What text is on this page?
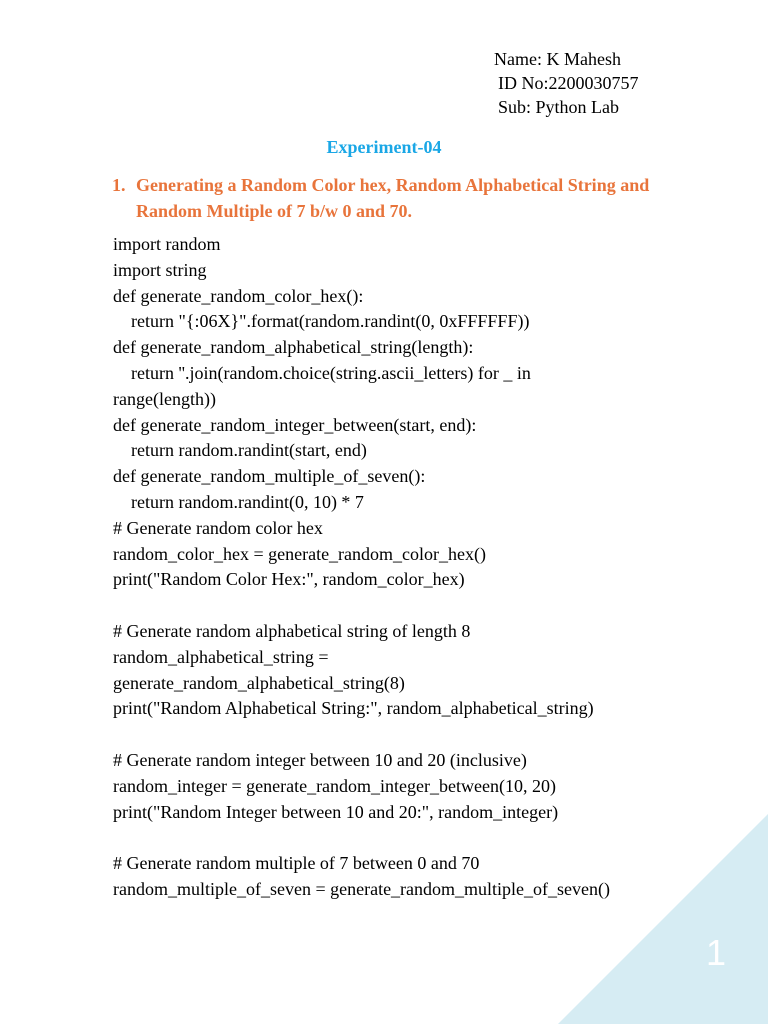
Name: K Mahesh
ID No:2200030757
Sub: Python Lab
Experiment-04
1. Generating a Random Color hex, Random Alphabetical String and Random Multiple of 7 b/w 0 and 70.
import random
import string
def generate_random_color_hex():
return "{:06X}".format(random.randint(0, 0xFFFFFF))
def generate_random_alphabetical_string(length):
return ''.join(random.choice(string.ascii_letters) for _ in
range(length))
def generate_random_integer_between(start, end):
return random.randint(start, end)
def generate_random_multiple_of_seven():
return random.randint(0, 10) * 7
# Generate random color hex
random_color_hex = generate_random_color_hex()
print("Random Color Hex:", random_color_hex)
# Generate random alphabetical string of length 8
random_alphabetical_string =
generate_random_alphabetical_string(8)
print("Random Alphabetical String:", random_alphabetical_string)
# Generate random integer between 10 and 20 (inclusive)
random_integer = generate_random_integer_between(10, 20)
print("Random Integer between 10 and 20:", random_integer)
# Generate random multiple of 7 between 0 and 70
random_multiple_of_seven = generate_random_multiple_of_seven()
1
